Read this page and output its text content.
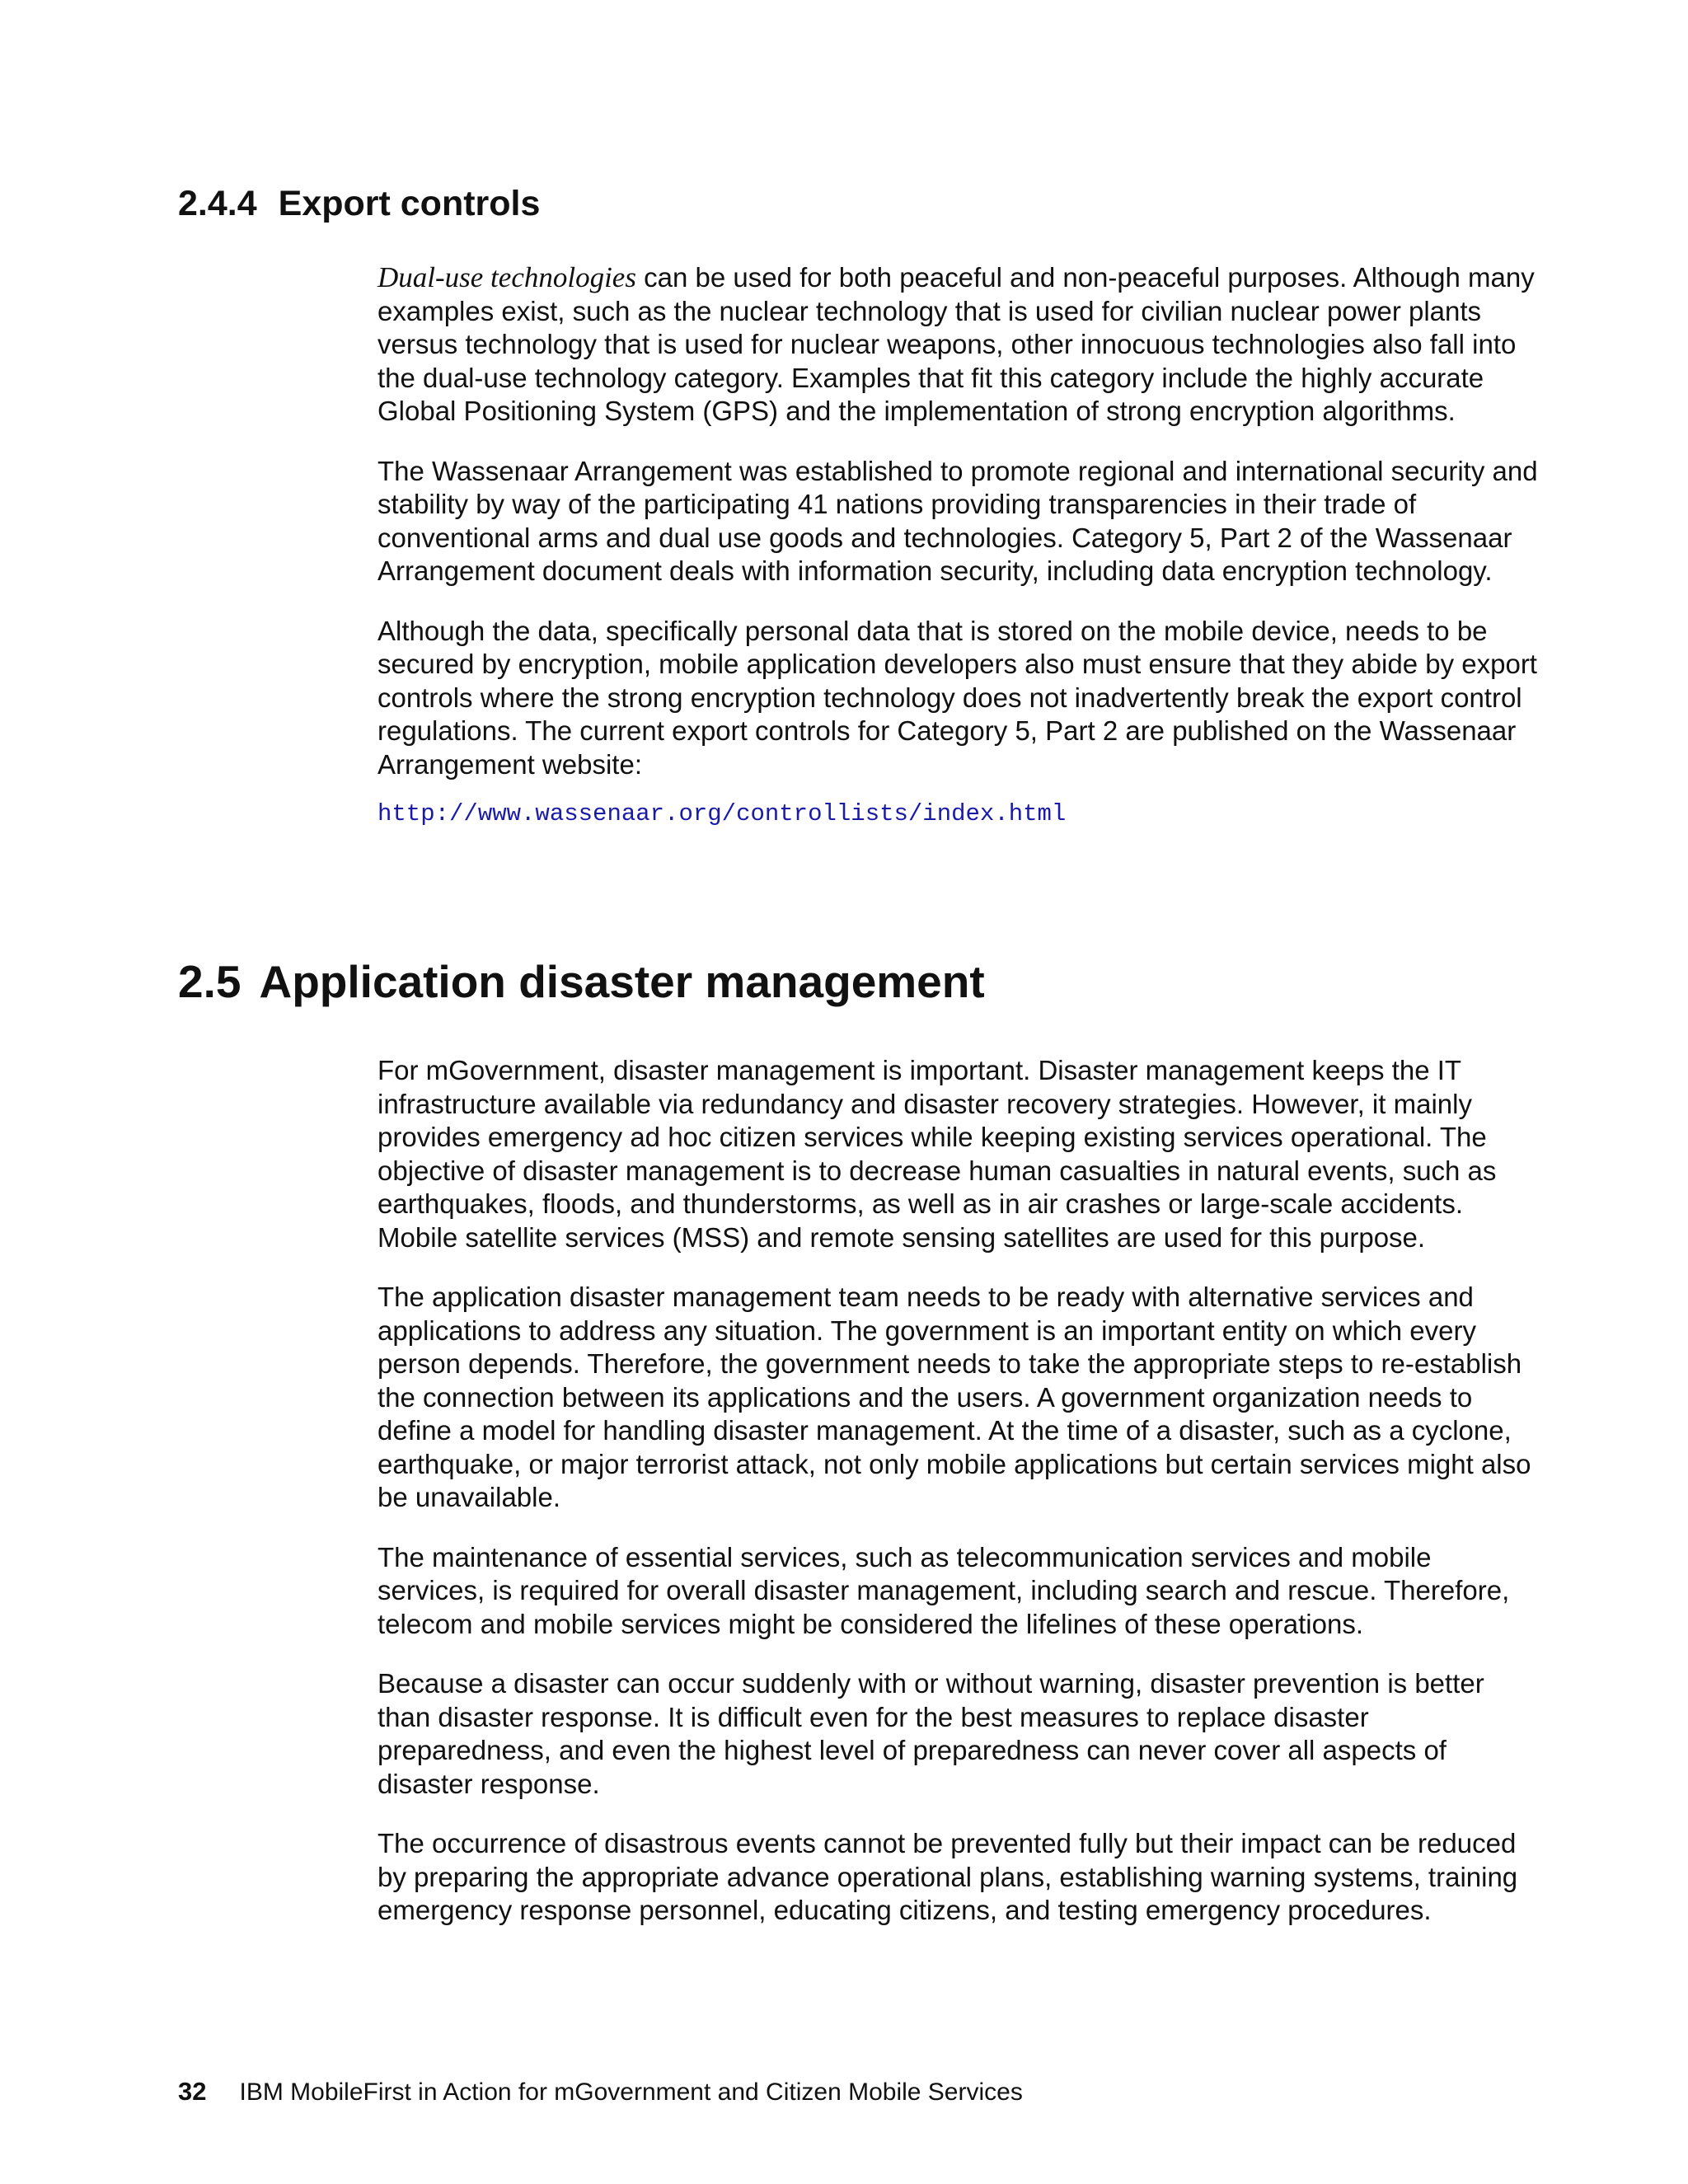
2.4.4 Export controls

Dual-use technologies can be used for both peaceful and non-peaceful purposes. Although many examples exist, such as the nuclear technology that is used for civilian nuclear power plants versus technology that is used for nuclear weapons, other innocuous technologies also fall into the dual-use technology category. Examples that fit this category include the highly accurate Global Positioning System (GPS) and the implementation of strong encryption algorithms.

The Wassenaar Arrangement was established to promote regional and international security and stability by way of the participating 41 nations providing transparencies in their trade of conventional arms and dual use goods and technologies. Category 5, Part 2 of the Wassenaar Arrangement document deals with information security, including data encryption technology.

Although the data, specifically personal data that is stored on the mobile device, needs to be secured by encryption, mobile application developers also must ensure that they abide by export controls where the strong encryption technology does not inadvertently break the export control regulations. The current export controls for Category 5, Part 2 are published on the Wassenaar Arrangement website:

http://www.wassenaar.org/controllists/index.html
2.5 Application disaster management

For mGovernment, disaster management is important. Disaster management keeps the IT infrastructure available via redundancy and disaster recovery strategies. However, it mainly provides emergency ad hoc citizen services while keeping existing services operational. The objective of disaster management is to decrease human casualties in natural events, such as earthquakes, floods, and thunderstorms, as well as in air crashes or large-scale accidents. Mobile satellite services (MSS) and remote sensing satellites are used for this purpose.

The application disaster management team needs to be ready with alternative services and applications to address any situation. The government is an important entity on which every person depends. Therefore, the government needs to take the appropriate steps to re-establish the connection between its applications and the users. A government organization needs to define a model for handling disaster management. At the time of a disaster, such as a cyclone, earthquake, or major terrorist attack, not only mobile applications but certain services might also be unavailable.

The maintenance of essential services, such as telecommunication services and mobile services, is required for overall disaster management, including search and rescue. Therefore, telecom and mobile services might be considered the lifelines of these operations.

Because a disaster can occur suddenly with or without warning, disaster prevention is better than disaster response. It is difficult even for the best measures to replace disaster preparedness, and even the highest level of preparedness can never cover all aspects of disaster response.

The occurrence of disastrous events cannot be prevented fully but their impact can be reduced by preparing the appropriate advance operational plans, establishing warning systems, training emergency response personnel, educating citizens, and testing emergency procedures.

32 IBM MobileFirst in Action for mGovernment and Citizen Mobile Services
